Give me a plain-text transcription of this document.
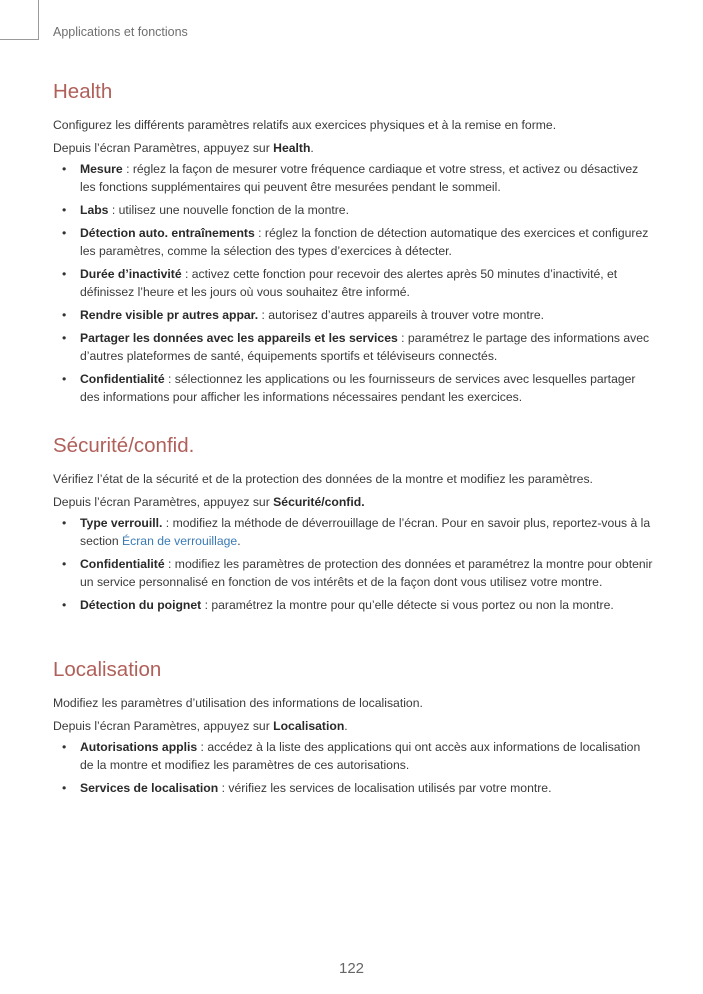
Applications et fonctions
Health

Configurez les différents paramètres relatifs aux exercices physiques et à la remise en forme.

Depuis l’écran Paramètres, appuyez sur Health.

• Mesure : réglez la façon de mesurer votre fréquence cardiaque et votre stress, et activez ou désactivez les fonctions supplémentaires qui peuvent être mesurées pendant le sommeil.
• Labs : utilisez une nouvelle fonction de la montre.
• Détection auto. entraînements : réglez la fonction de détection automatique des exercices et configurez les paramètres, comme la sélection des types d’exercices à détecter.
• Durée d’inactivité : activez cette fonction pour recevoir des alertes après 50 minutes d’inactivité, et définissez l’heure et les jours où vous souhaitez être informé.
• Rendre visible pr autres appar. : autorisez d’autres appareils à trouver votre montre.
• Partager les données avec les appareils et les services : paramétrez le partage des informations avec d’autres plateformes de santé, équipements sportifs et téléviseurs connectés.
• Confidentialité : sélectionnez les applications ou les fournisseurs de services avec lesquelles partager des informations pour afficher les informations nécessaires pendant les exercices.
Sécurité/confid.

Vérifiez l’état de la sécurité et de la protection des données de la montre et modifiez les paramètres.

Depuis l’écran Paramètres, appuyez sur Sécurité/confid.

• Type verrouill. : modifiez la méthode de déverrouillage de l’écran. Pour en savoir plus, reportez-vous à la section Écran de verrouillage.
• Confidentialité : modifiez les paramètres de protection des données et paramétrez la montre pour obtenir un service personnalisé en fonction de vos intérêts et de la façon dont vous utilisez votre montre.
• Détection du poignet : paramétrez la montre pour qu’elle détecte si vous portez ou non la montre.
Localisation

Modifiez les paramètres d’utilisation des informations de localisation.

Depuis l’écran Paramètres, appuyez sur Localisation.

• Autorisations applis : accédez à la liste des applications qui ont accès aux informations de localisation de la montre et modifiez les paramètres de ces autorisations.
• Services de localisation : vérifiez les services de localisation utilisés par votre montre.
122
